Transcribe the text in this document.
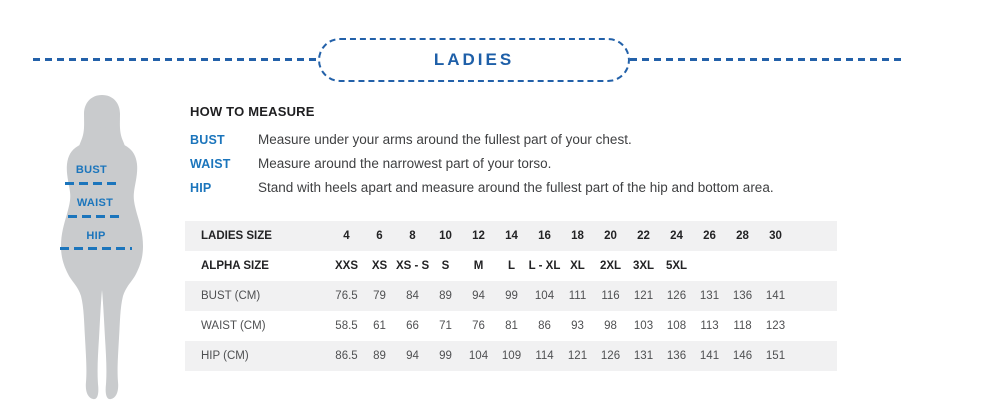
LADIES
BUST
WAIST
HIP
HOW TO MEASURE
BUST	Measure under your arms around the fullest part of your chest.
WAIST	Measure around the narrowest part of your torso.
HIP	Stand with heels apart and measure around the fullest part of the hip and bottom area.
LADIES SIZE	4	6	8	10	12	14	16	18	20	22	24	26	28	30	
ALPHA SIZE	XXS	XS	XS - S	S	M	L	L - XL	XL	2XL	3XL	5XL				
BUST (CM)	76.5	79	84	89	94	99	104	111	116	121	126	131	136	141	
WAIST (CM)	58.5	61	66	71	76	81	86	93	98	103	108	113	118	123	
HIP (CM)	86.5	89	94	99	104	109	114	121	126	131	136	141	146	151	
